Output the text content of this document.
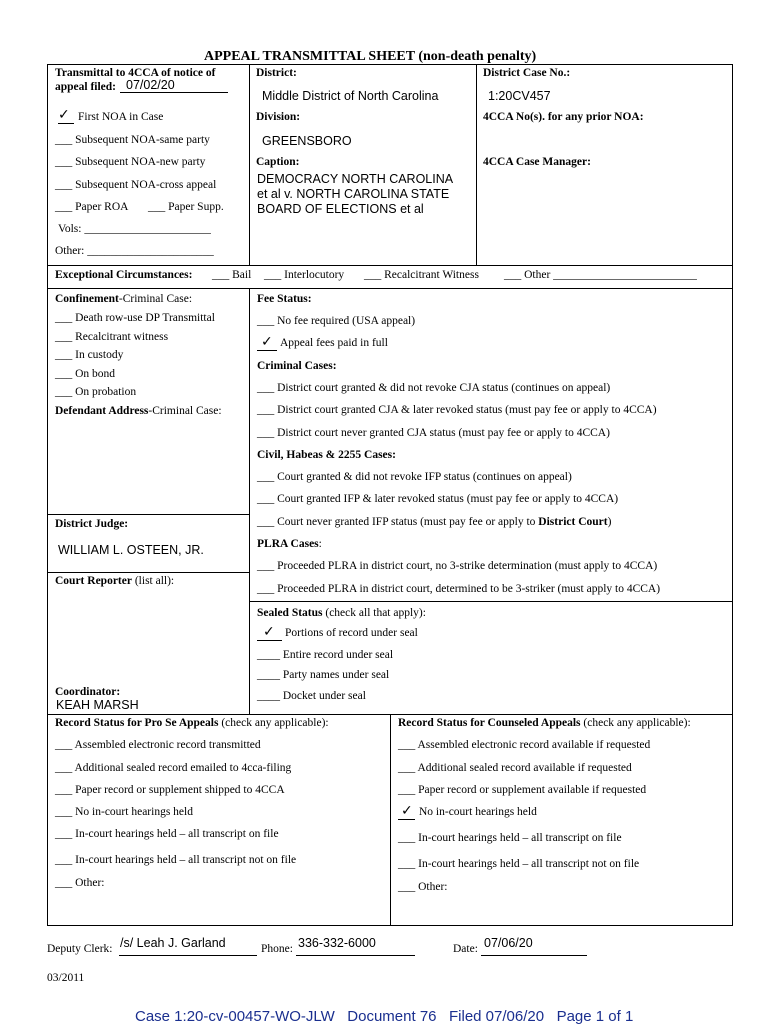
APPEAL TRANSMITTAL SHEET (non-death penalty)
Transmittal to 4CCA of notice of
appeal filed: 07/02/20
✓ First NOA in Case
___ Subsequent NOA-same party
___ Subsequent NOA-new party
___ Subsequent NOA-cross appeal
___ Paper ROA ___ Paper Supp.
Vols: ______________________
Other: ______________________
District:
Middle District of North Carolina
Division:
GREENSBORO
Caption:
DEMOCRACY NORTH CAROLINA
et al v. NORTH CAROLINA STATE
BOARD OF ELECTIONS et al
District Case No.:
1:20CV457
4CCA No(s). for any prior NOA:
4CCA Case Manager:
Exceptional Circumstances: ___ Bail ___ Interlocutory ___ Recalcitrant Witness ___ Other _________________________
Confinement-Criminal Case:
___ Death row-use DP Transmittal
___ Recalcitrant witness
___ In custody
___ On bond
___ On probation
Defendant Address-Criminal Case:
District Judge:
WILLIAM L. OSTEEN, JR.
Court Reporter (list all):
Coordinator:
KEAH MARSH
Fee Status:
___ No fee required (USA appeal)
✓ Appeal fees paid in full
Criminal Cases:
___ District court granted & did not revoke CJA status (continues on appeal)
___ District court granted CJA & later revoked status (must pay fee or apply to 4CCA)
___ District court never granted CJA status (must pay fee or apply to 4CCA)
Civil, Habeas & 2255 Cases:
___ Court granted & did not revoke IFP status (continues on appeal)
___ Court granted IFP & later revoked status (must pay fee or apply to 4CCA)
___ Court never granted IFP status (must pay fee or apply to District Court)
PLRA Cases:
___ Proceeded PLRA in district court, no 3-strike determination (must apply to 4CCA)
___ Proceeded PLRA in district court, determined to be 3-striker (must apply to 4CCA)
Sealed Status (check all that apply):
✓ Portions of record under seal
____ Entire record under seal
____ Party names under seal
____ Docket under seal
Record Status for Pro Se Appeals (check any applicable):
___ Assembled electronic record transmitted
___ Additional sealed record emailed to 4cca-filing
___ Paper record or supplement shipped to 4CCA
___ No in-court hearings held
___ In-court hearings held – all transcript on file
___ In-court hearings held – all transcript not on file
___ Other:
Record Status for Counseled Appeals (check any applicable):
___ Assembled electronic record available if requested
___ Additional sealed record available if requested
___ Paper record or supplement available if requested
✓ No in-court hearings held
___ In-court hearings held – all transcript on file
___ In-court hearings held – all transcript not on file
___ Other:
Deputy Clerk: /s/ Leah J. Garland	Phone: 336-332-6000	Date: 07/06/20
03/2011
Case 1:20-cv-00457-WO-JLW   Document 76   Filed 07/06/20   Page 1 of 1
